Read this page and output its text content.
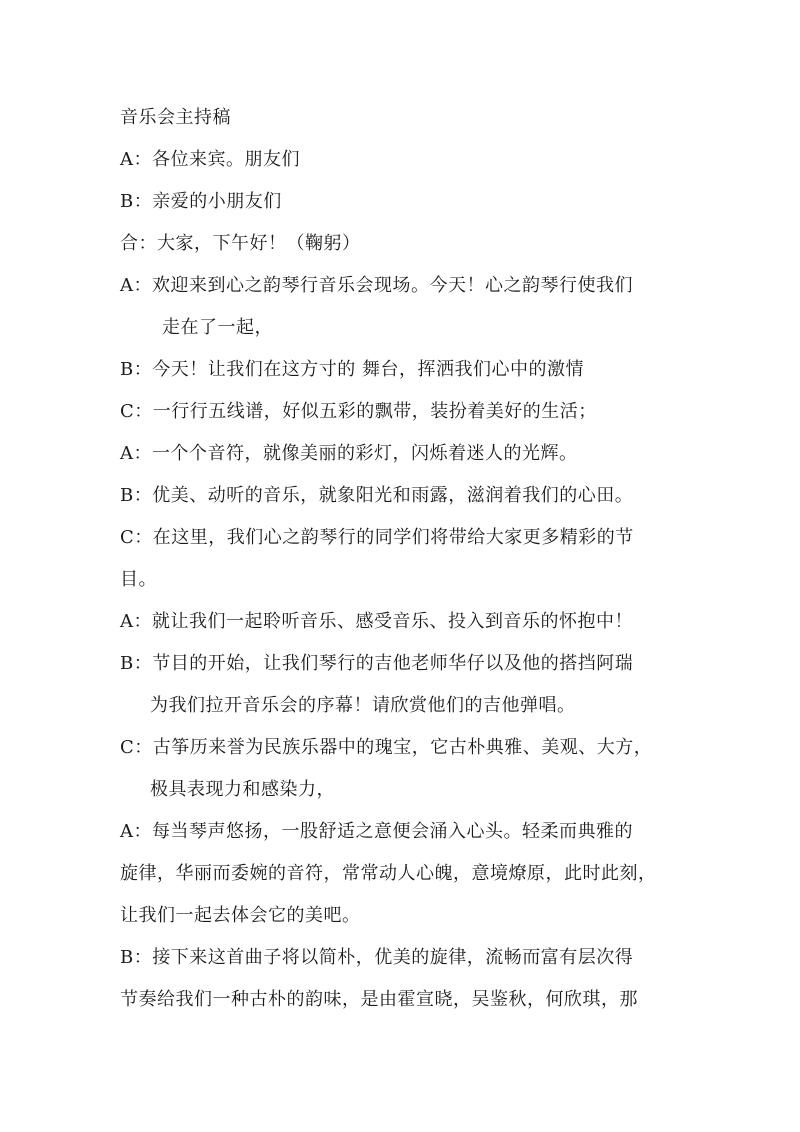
音乐会主持稿
A：各位来宾。朋友们
B：亲爱的小朋友们
合：大家，下午好！（鞠躬）
A：欢迎来到心之韵琴行音乐会现场。今天！心之韵琴行使我们
走在了一起，
B：今天！让我们在这方寸的 舞台，挥洒我们心中的激情
C：一行行五线谱，好似五彩的飘带，装扮着美好的生活；
A：一个个音符，就像美丽的彩灯，闪烁着迷人的光辉。
B：优美、动听的音乐，就象阳光和雨露，滋润着我们的心田。
C：在这里，我们心之韵琴行的同学们将带给大家更多精彩的节
目。
A：就让我们一起聆听音乐、感受音乐、投入到音乐的怀抱中！
B：节目的开始，让我们琴行的吉他老师华仔以及他的搭挡阿瑞
为我们拉开音乐会的序幕！请欣赏他们的吉他弹唱。
C：古筝历来誉为民族乐器中的瑰宝，它古朴典雅、美观、大方，
极具表现力和感染力，
A：每当琴声悠扬，一股舒适之意便会涌入心头。轻柔而典雅的
旋律，华丽而委婉的音符，常常动人心魄，意境燎原，此时此刻，
让我们一起去体会它的美吧。
B：接下来这首曲子将以简朴，优美的旋律，流畅而富有层次得
节奏给我们一种古朴的韵味，是由霍宣晓，吴鉴秋，何欣琪，那
